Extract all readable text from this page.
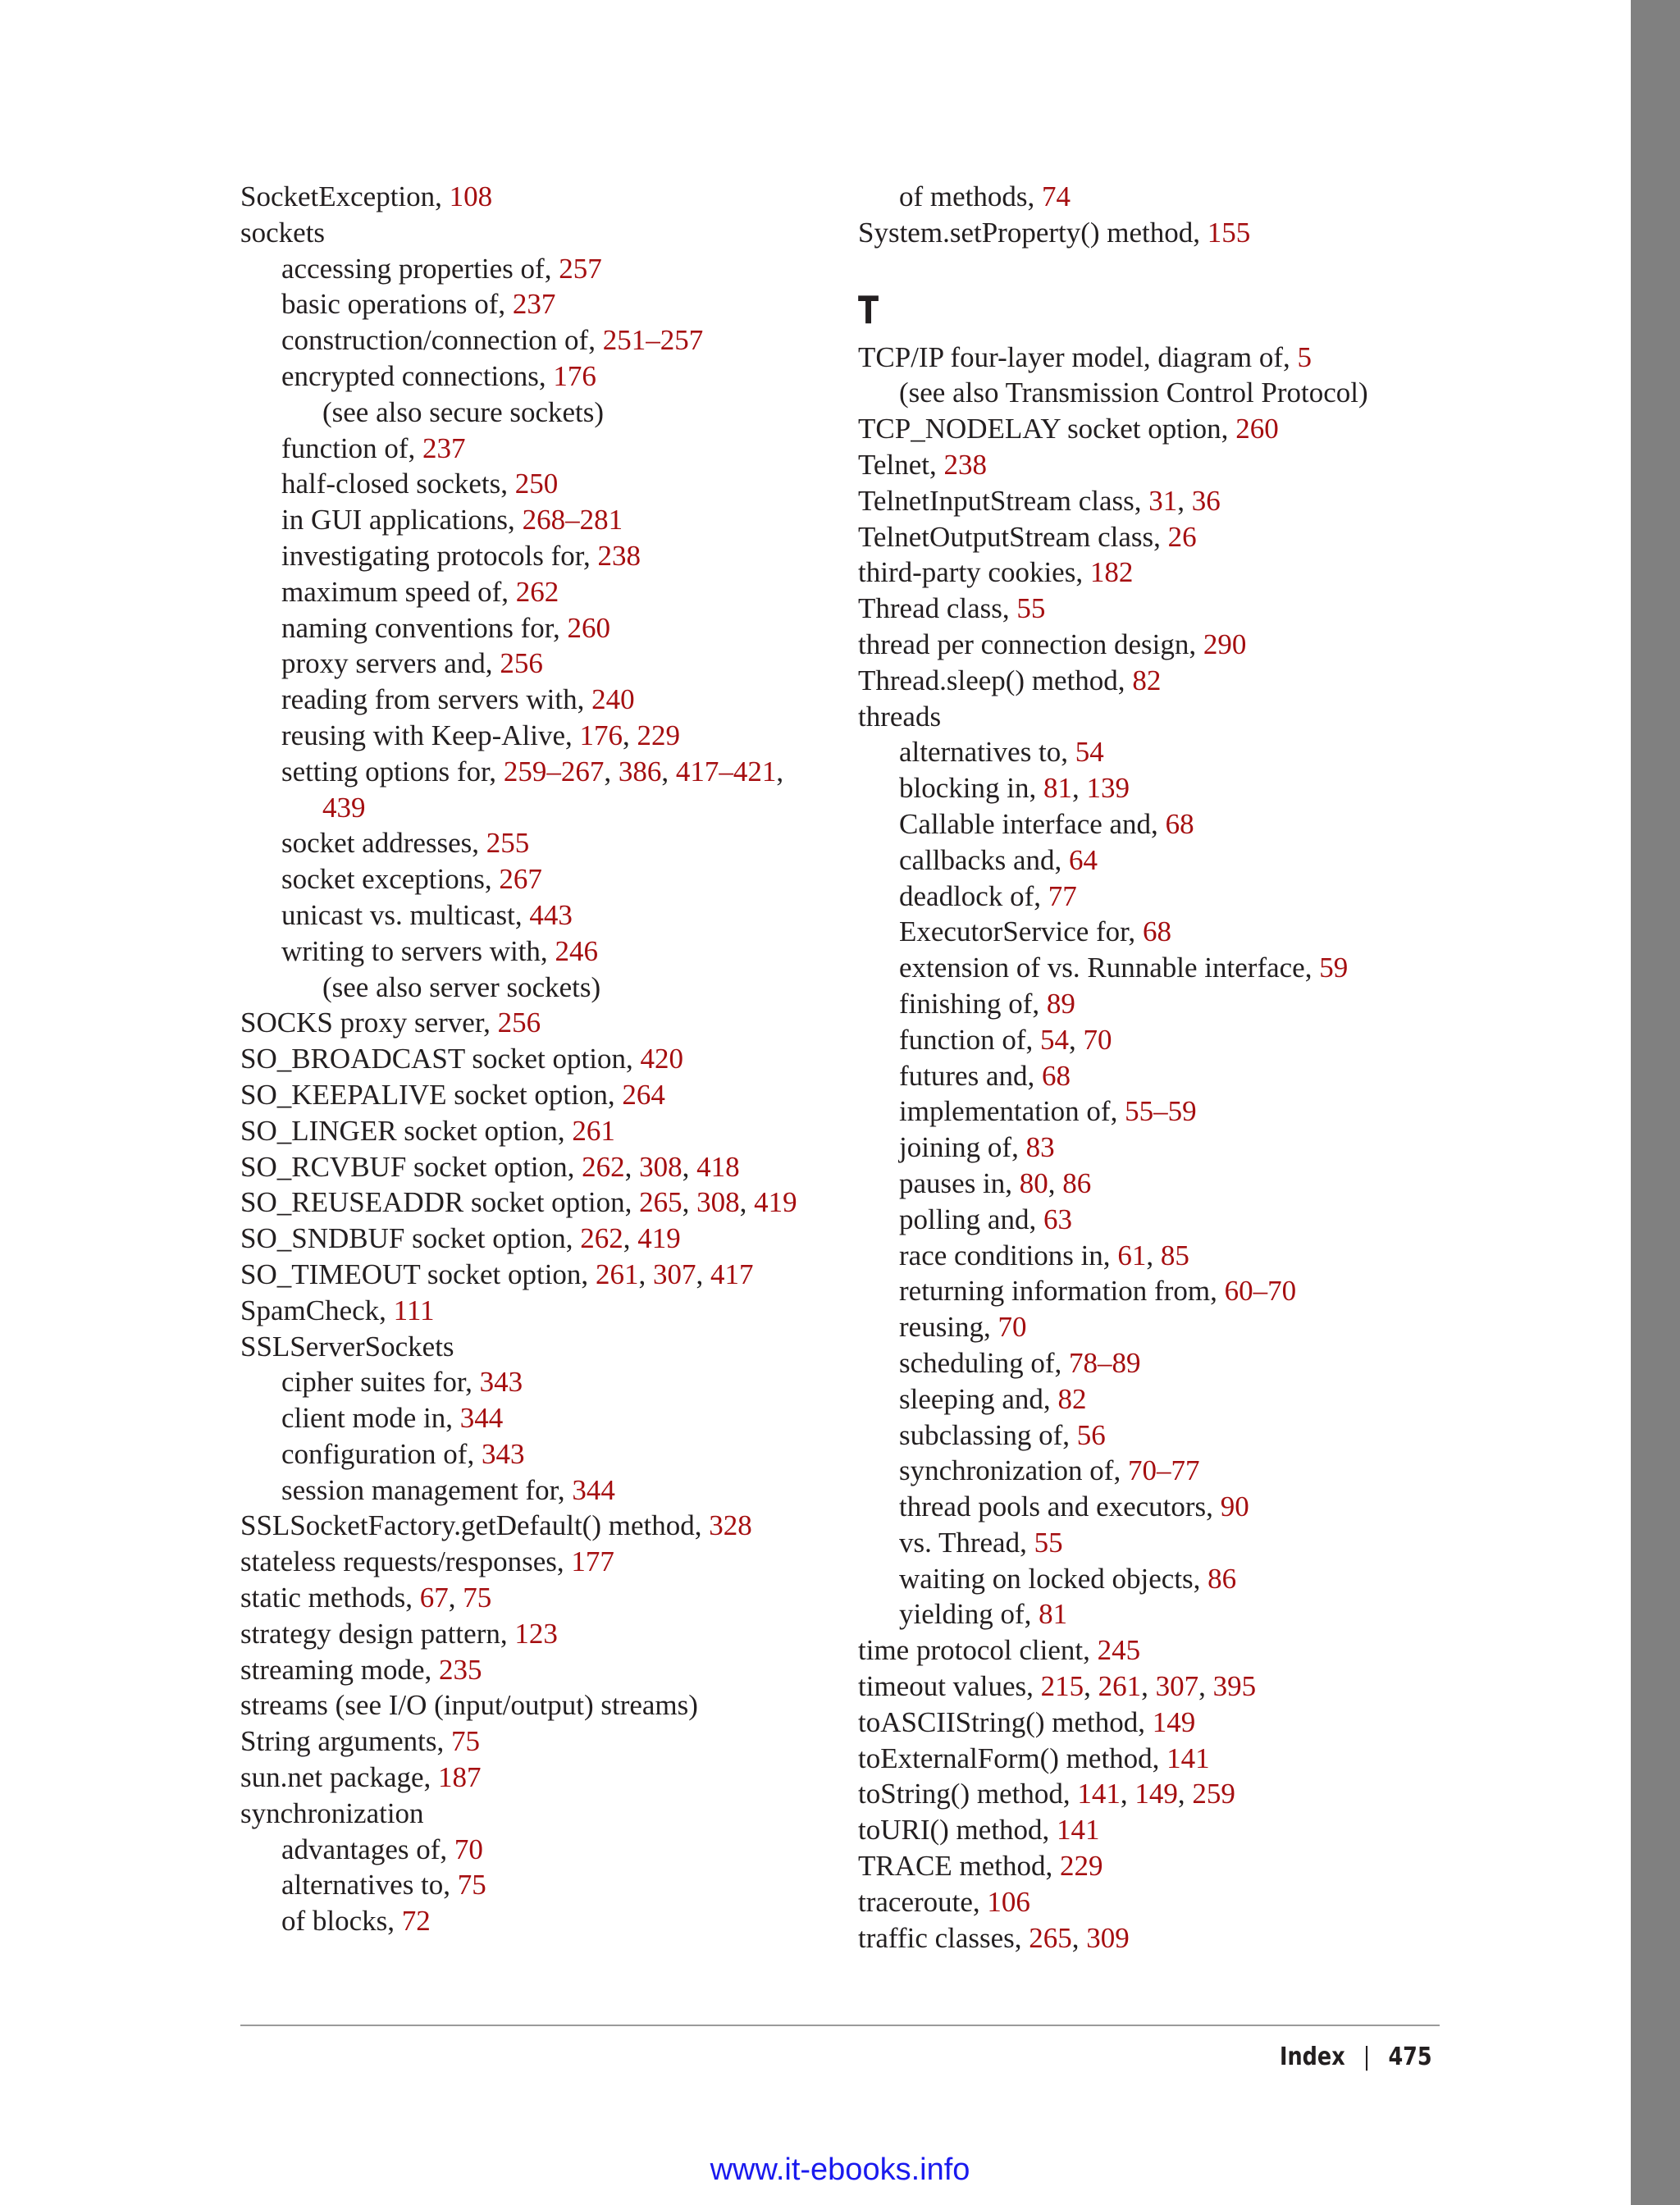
SocketException, 108
sockets
accessing properties of, 257
basic operations of, 237
construction/connection of, 251–257
encrypted connections, 176
(see also secure sockets)
function of, 237
half-closed sockets, 250
in GUI applications, 268–281
investigating protocols for, 238
maximum speed of, 262
naming conventions for, 260
proxy servers and, 256
reading from servers with, 240
reusing with Keep-Alive, 176, 229
setting options for, 259–267, 386, 417–421,
439
socket addresses, 255
socket exceptions, 267
unicast vs. multicast, 443
writing to servers with, 246
(see also server sockets)
SOCKS proxy server, 256
SO_BROADCAST socket option, 420
SO_KEEPALIVE socket option, 264
SO_LINGER socket option, 261
SO_RCVBUF socket option, 262, 308, 418
SO_REUSEADDR socket option, 265, 308, 419
SO_SNDBUF socket option, 262, 419
SO_TIMEOUT socket option, 261, 307, 417
SpamCheck, 111
SSLServerSockets
cipher suites for, 343
client mode in, 344
configuration of, 343
session management for, 344
SSLSocketFactory.getDefault() method, 328
stateless requests/responses, 177
static methods, 67, 75
strategy design pattern, 123
streaming mode, 235
streams (see I/O (input/output) streams)
String arguments, 75
sun.net package, 187
synchronization
advantages of, 70
alternatives to, 75
of blocks, 72
of methods, 74
System.setProperty() method, 155
T
TCP/IP four-layer model, diagram of, 5
(see also Transmission Control Protocol)
TCP_NODELAY socket option, 260
Telnet, 238
TelnetInputStream class, 31, 36
TelnetOutputStream class, 26
third-party cookies, 182
Thread class, 55
thread per connection design, 290
Thread.sleep() method, 82
threads
alternatives to, 54
blocking in, 81, 139
Callable interface and, 68
callbacks and, 64
deadlock of, 77
ExecutorService for, 68
extension of vs. Runnable interface, 59
finishing of, 89
function of, 54, 70
futures and, 68
implementation of, 55–59
joining of, 83
pauses in, 80, 86
polling and, 63
race conditions in, 61, 85
returning information from, 60–70
reusing, 70
scheduling of, 78–89
sleeping and, 82
subclassing of, 56
synchronization of, 70–77
thread pools and executors, 90
vs. Thread, 55
waiting on locked objects, 86
yielding of, 81
time protocol client, 245
timeout values, 215, 261, 307, 395
toASCIIString() method, 149
toExternalForm() method, 141
toString() method, 141, 149, 259
toURI() method, 141
TRACE method, 229
traceroute, 106
traffic classes, 265, 309
Index | 475
www.it-ebooks.info
